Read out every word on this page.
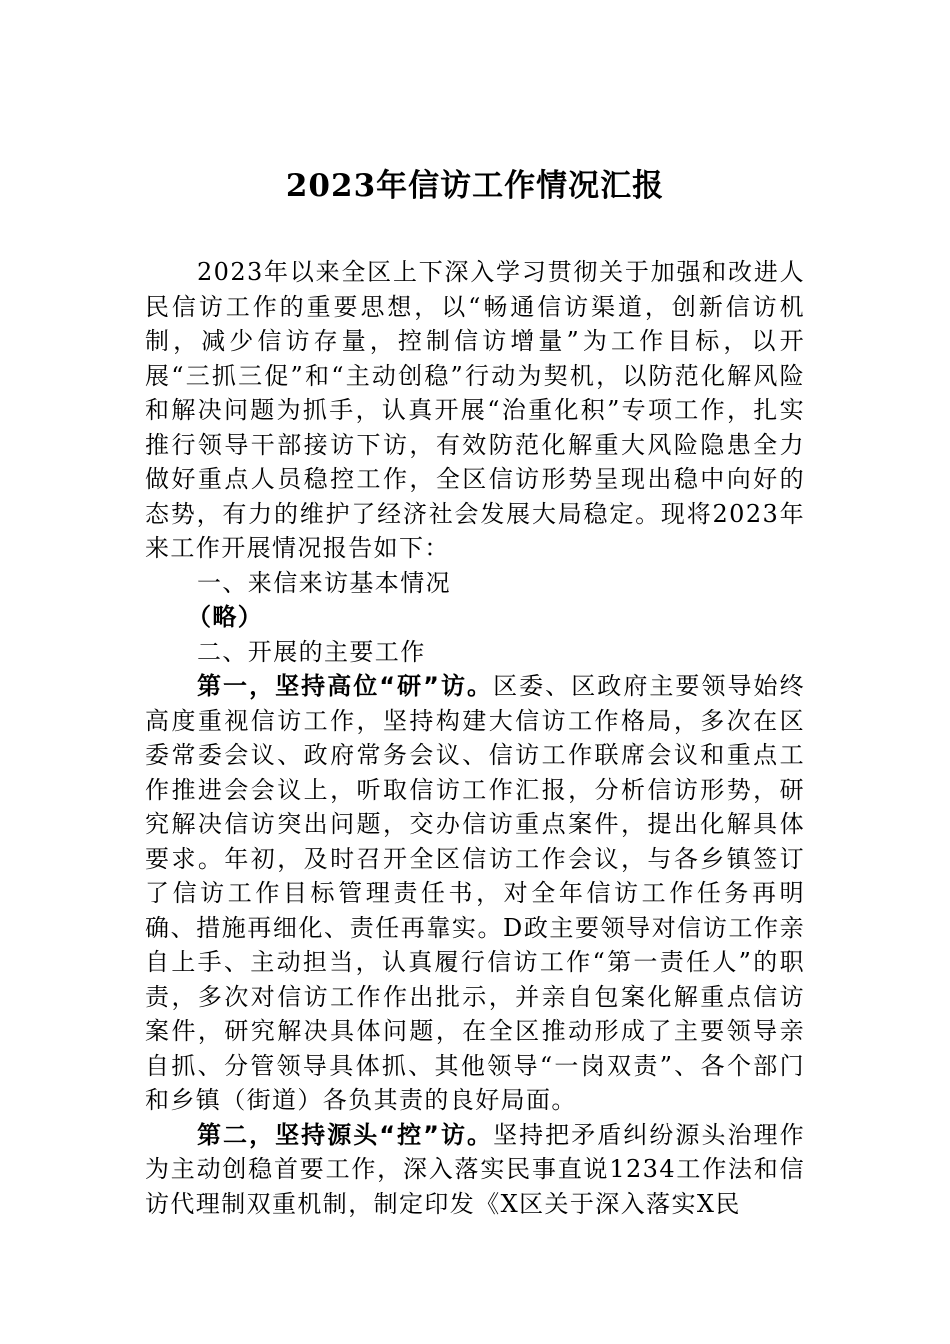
2023年信访工作情况汇报

2023年以来全区上下深入学习贯彻关于加强和改进人民信访工作的重要思想，以“畅通信访渠道，创新信访机制，减少信访存量，控制信访增量”为工作目标，以开展“三抓三促”和“主动创稳”行动为契机，以防范化解风险和解决问题为抓手，认真开展“治重化积”专项工作，扎实推行领导干部接访下访，有效防范化解重大风险隐患全力做好重点人员稳控工作，全区信访形势呈现出稳中向好的态势，有力的维护了经济社会发展大局稳定。现将2023年来工作开展情况报告如下：

一、来信来访基本情况

（略）

二、开展的主要工作

第一，坚持高位“研”访。区委、区政府主要领导始终高度重视信访工作，坚持构建大信访工作格局，多次在区委常委会议、政府常务会议、信访工作联席会议和重点工作推进会会议上，听取信访工作汇报，分析信访形势，研究解决信访突出问题，交办信访重点案件，提出化解具体要求。年初，及时召开全区信访工作会议，与各乡镇签订了信访工作目标管理责任书，对全年信访工作任务再明确、措施再细化、责任再靠实。D政主要领导对信访工作亲自上手、主动担当，认真履行信访工作“第一责任人”的职责，多次对信访工作作出批示，并亲自包案化解重点信访案件，研究解决具体问题，在全区推动形成了主要领导亲自抓、分管领导具体抓、其他领导“一岗双责”、各个部门和乡镇（街道）各负其责的良好局面。

第二，坚持源头“控”访。坚持把矛盾纠纷源头治理作为主动创稳首要工作，深入落实民事直说1234工作法和信访代理制双重机制，制定印发《X区关于深入落实X民
